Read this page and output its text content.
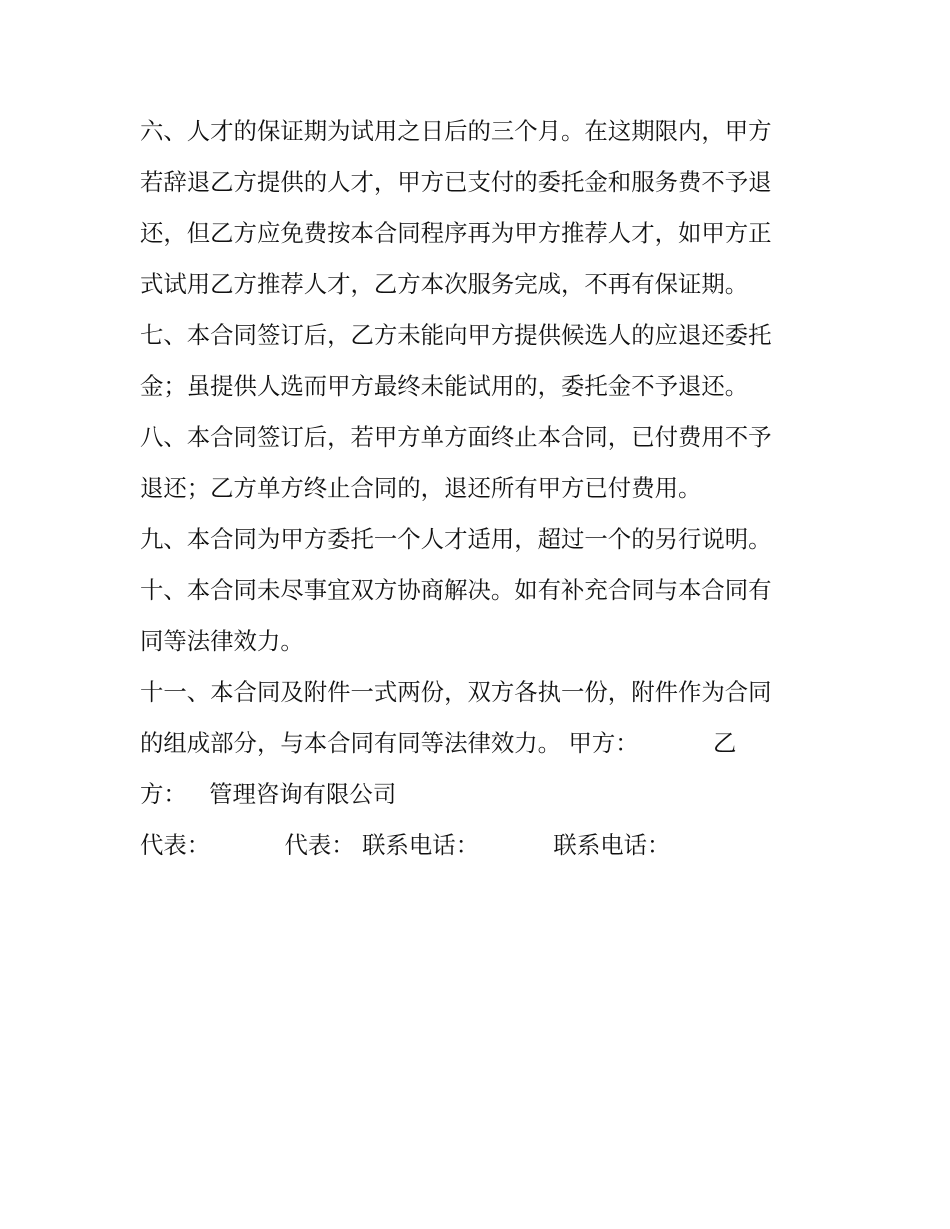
六、人才的保证期为试用之日后的三个月。在这期限内，甲方
若辞退乙方提供的人才，甲方已支付的委托金和服务费不予退
还，但乙方应免费按本合同程序再为甲方推荐人才，如甲方正
式试用乙方推荐人才，乙方本次服务完成，不再有保证期。
七、本合同签订后，乙方未能向甲方提供候选人的应退还委托
金；虽提供人选而甲方最终未能试用的，委托金不予退还。
八、本合同签订后，若甲方单方面终止本合同，已付费用不予
退还；乙方单方终止合同的，退还所有甲方已付费用。
九、本合同为甲方委托一个人才适用，超过一个的另行说明。
十、本合同未尽事宜双方协商解决。如有补充合同与本合同有
同等法律效力。
十一、本合同及附件一式两份，双方各执一份，附件作为合同
的组成部分，与本合同有同等法律效力。 甲方：          乙
方：   管理咨询有限公司
代表：          代表： 联系电话：          联系电话：
